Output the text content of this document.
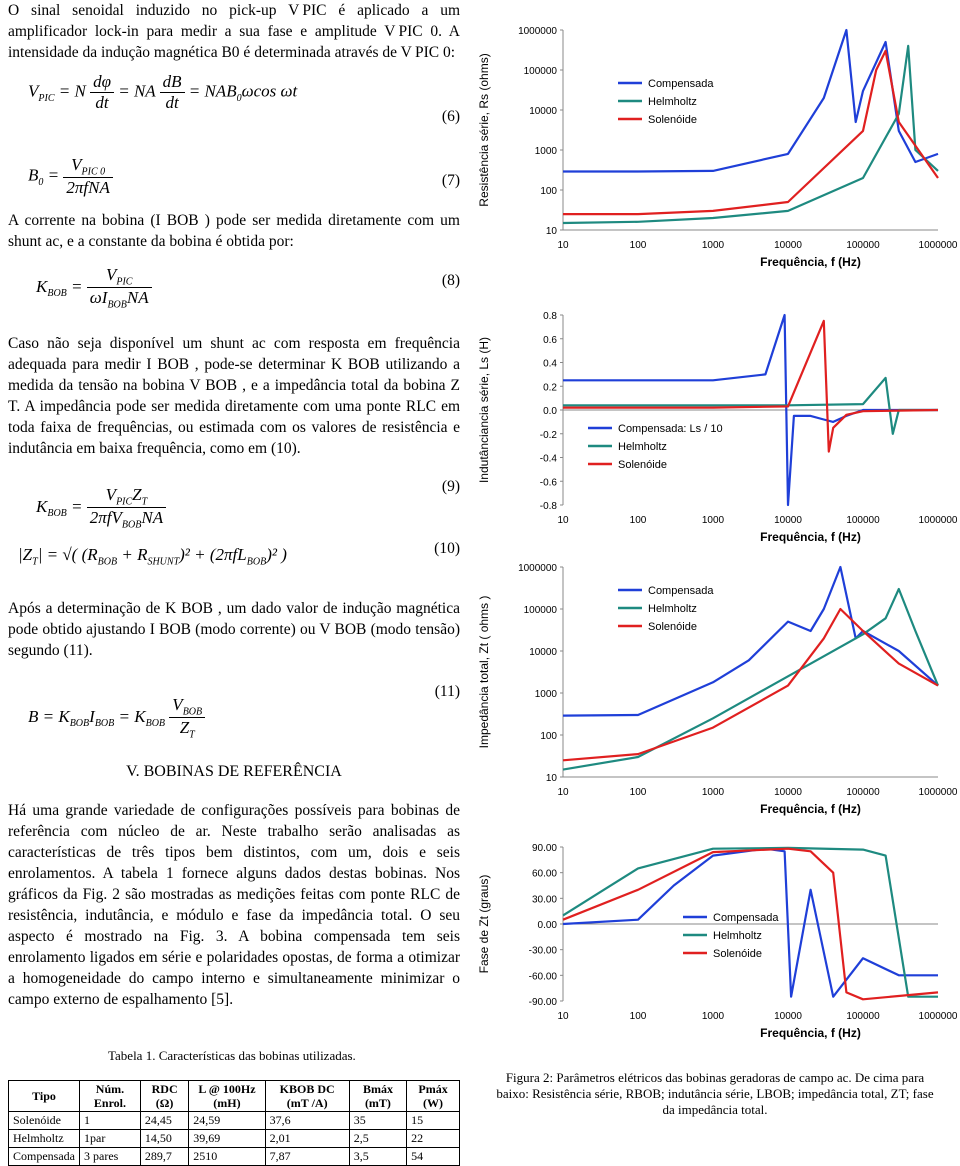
O sinal senoidal induzido no pick-up V PIC é aplicado a um amplificador lock-in para medir a sua fase e amplitude V PIC 0. A intensidade da indução magnética B0 é determinada através de V PIC 0:

$V_{PIC} = N \frac{d\varphi}{dt}$ = NA $\frac{dB}{dt} = NAB_0\omega\cos$ ωt
(6)
$B_0 = \frac{V_{PIC 0}}{\text{2πfNA}}$	(7)

A corrente na bobina (I BOB ) pode ser medida diretamente com um shunt ac, e a constante da bobina é obtida por:

$K_{BOB} = \frac{V_{PIC}}{\omega I_{BOB}NA}$	(8)

Caso não seja disponível um shunt ac com resposta em frequência adequada para medir I BOB , pode-se determinar K BOB utilizando a medida da tensão na bobina V BOB , e a impedância total da bobina Z T. A impedância pode ser medida diretamente com uma ponte RLC em toda faixa de frequências, ou estimada com os valores de resistência e indutância em baixa frequência, como em (10).

(9)
$K_{BOB} = \frac{V_{PIC}Z_T}{2\pi fV_{BOB}NA}$
$|Z_T|$ = √( $(R_{BOB} + R_{SHUNT})^2 + (2\pi fL_{BOB})^2$ )	(10)

Após a determinação de K BOB , um dado valor de indução magnética pode obtido ajustando I BOB (modo corrente) ou V BOB (modo tensão) segundo (11).

(11)
$B = K_{BOB}I_{BOB} = K_{BOB} \frac{V_{BOB}}{Z_T}$
V. BOBINAS DE REFERÊNCIA

Há uma grande variedade de configurações possíveis para bobinas de referência com núcleo de ar. Neste trabalho serão analisadas as características de três tipos bem distintos, com um, dois e seis enrolamentos. A tabela 1 fornece alguns dados destas bobinas. Nos gráficos da Fig. 2 são mostradas as medições feitas com ponte RLC de resistência, indutância, e módulo e fase da impedância total. O seu aspecto é mostrado na Fig. 3. A bobina compensada tem seis enrolamento ligados em série e polaridades opostas, de forma a otimizar a homogeneidade do campo interno e simultaneamente minimizar o campo externo de espalhamento [5].

Tabela 1. Características das bobinas utilizadas.
Tipo	Núm. Enrol.	RDC (Ω)	L @ 100Hz (mH)	KBOB DC (mT /A)	Bmáx (mT)	Pmáx (W)
Solenóide	1	24,45	24,59	37,6	35	15
Helmholtz	1par	14,50	39,69	2,01	2,5	22
Compensada	3 pares	289,7	2510	7,87	3,5	54
10
100
1000
10000
100000
1000000
10	100	1000	10000	100000	1000000
Frequência, f (Hz)
Resistência série, Rs (ohms)	Compensada
Helmholtz
Solenóide
-0.8
-0.6
-0.4
-0.2
0.0
0.2
0.4
0.6
0.8
10	100	1000	10000	100000	1000000
Frequência, f (Hz)
Indutânciancia série, Ls (H)	Compensada: Ls / 10
Helmholtz
Solenóide
10
100
1000
10000
100000
1000000
10	100	1000	10000	100000	1000000
Frequência, f (Hz)
Impedância total, Zt ( ohms )
Compensada
Helmholtz
Solenóide
-90.00
-60.00
-30.00
0.00
30.00
60.00
90.00
10	100	1000	10000	100000	1000000
Frequência, f (Hz)
Fase de Zt (graus)	Compensada
Helmholtz
Solenóide
Figura 2: Parâmetros elétricos das bobinas geradoras de campo ac. De cima para baixo: Resistência série, RBOB; indutância série, LBOB; impedância total, ZT; fase da impedância total.
